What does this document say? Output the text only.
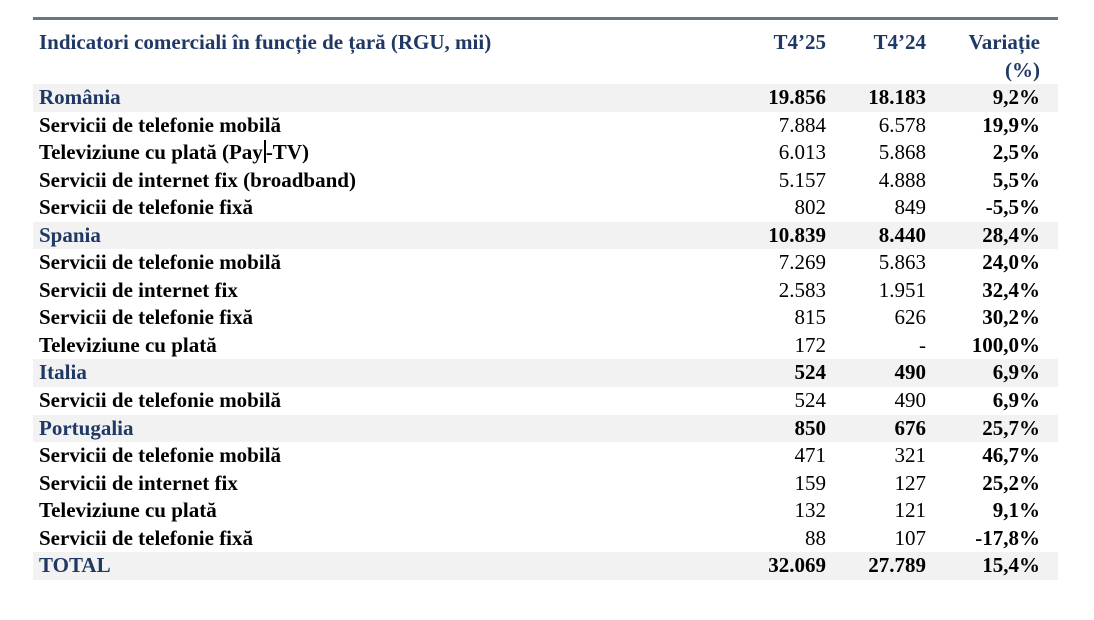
Indicatori comerciali în funcție de țară (RGU, mii)	T4’25	T4’24	Variație
(%)

România	19.856	18.183	9,2%
Servicii de telefonie mobilă	7.884	6.578	19,9%
Televiziune cu plată (Pay -TV)	6.013	5.868	2,5%
Servicii de internet fix (broadband)	5.157	4.888	5,5%
Servicii de telefonie fixă	802	849	-5,5%
Spania	10.839	8.440	28,4%
Servicii de telefonie mobilă	7.269	5.863	24,0%
Servicii de internet fix	2.583	1.951	32,4%
Servicii de telefonie fixă	815	626	30,2%
Televiziune cu plată	172	-	100,0%
Italia	524	490	6,9%
Servicii de telefonie mobilă	524	490	6,9%
Portugalia	850	676	25,7%
Servicii de telefonie mobilă	471	321	46,7%
Servicii de internet fix	159	127	25,2%
Televiziune cu plată	132	121	9,1%
Servicii de telefonie fixă	88	107	-17,8%
TOTAL	32.069	27.789	15,4%
